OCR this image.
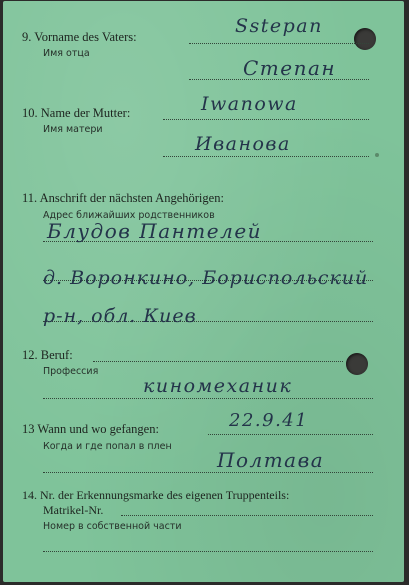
9. Vorname des Vaters:
Имя отца
Sstepan
Степан
10. Name der Mutter:
Имя матери
Iwanowa
Иванова
11. Anschrift der nächsten Angehörigen:
Адрес ближайших родственников
Блудов Пантелей
д. Воронкино, Бориспольский р-н, обл. Киев
12. Beruf:
Профессия
киномеханик
13 Wann und wo gefangen:
Когда и где попал в плен
22.9.41
Полтава
14. Nr. der Erkennungsmarke des eigenen Truppenteils:
Matrikel-Nr.
Номер в собственной части
